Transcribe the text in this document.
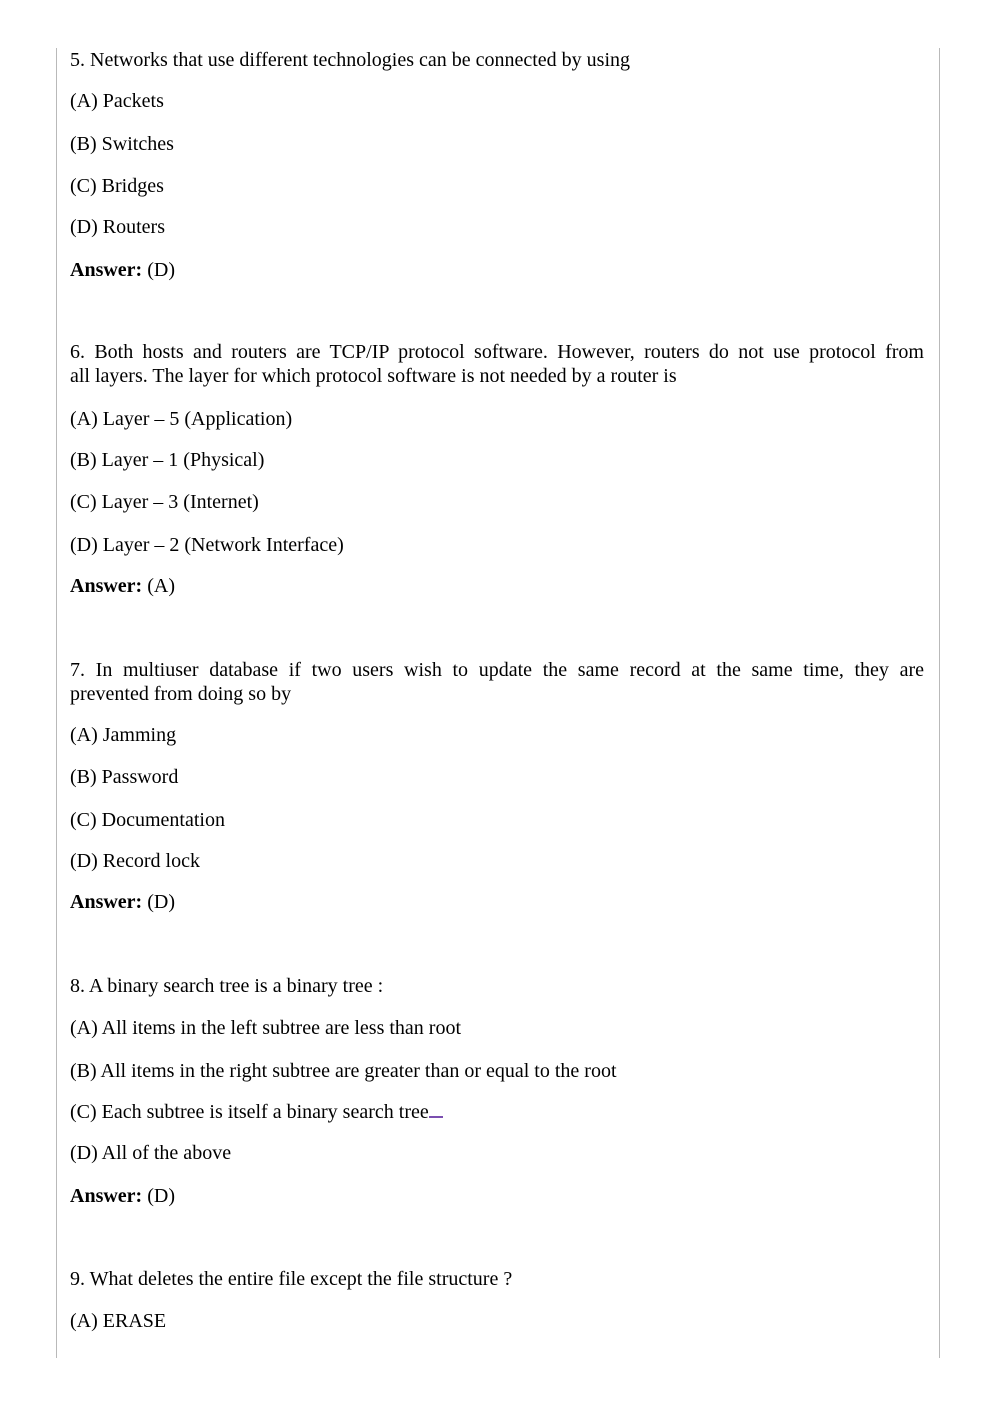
5. Networks that use different technologies can be connected by using
(A) Packets
(B) Switches
(C) Bridges
(D) Routers
Answer: (D)
6. Both hosts and routers are TCP/IP protocol software. However, routers do not use protocol from
all layers. The layer for which protocol software is not needed by a router is
(A) Layer – 5 (Application)
(B) Layer – 1 (Physical)
(C) Layer – 3 (Internet)
(D) Layer – 2 (Network Interface)
Answer: (A)
7. In multiuser database if two users wish to update the same record at the same time, they are
prevented from doing so by
(A) Jamming
(B) Password
(C) Documentation
(D) Record lock
Answer: (D)
8. A binary search tree is a binary tree :
(A) All items in the left subtree are less than root
(B) All items in the right subtree are greater than or equal to the root
(C) Each subtree is itself a binary search tree
(D) All of the above
Answer: (D)
9. What deletes the entire file except the file structure ?
(A) ERASE
